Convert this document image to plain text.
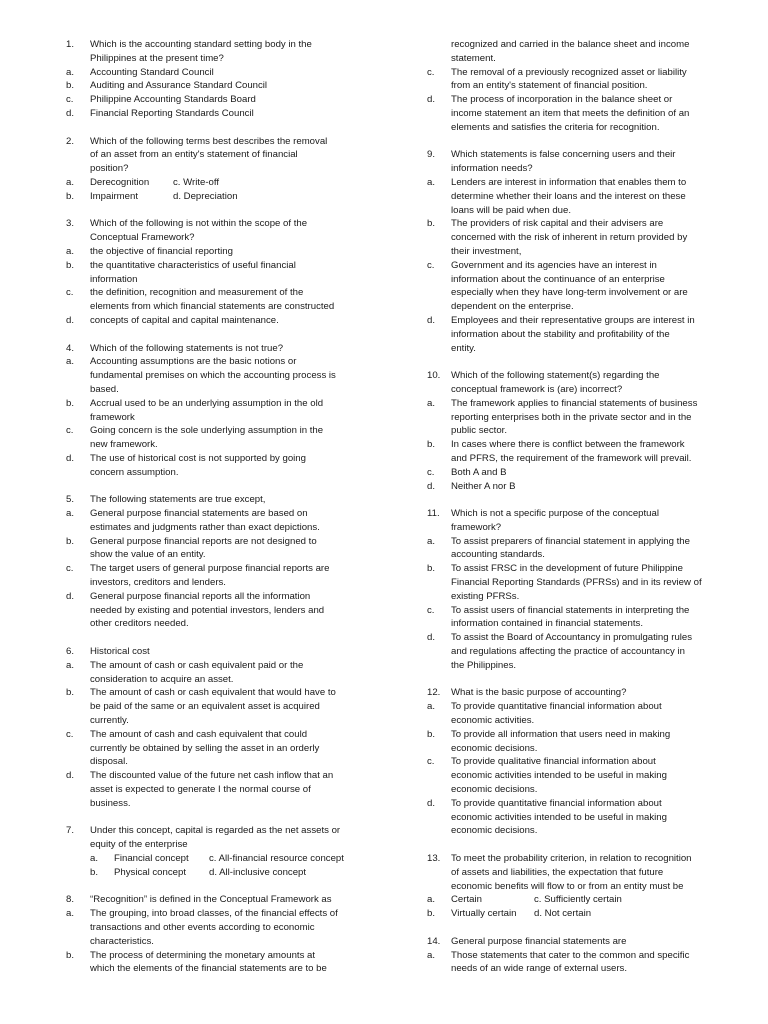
1.	Which is the accounting standard setting body in the
Philippines at the present time?
a.	Accounting Standard Council
b.	Auditing and Assurance Standard Council
c.	Philippine Accounting Standards Board
d.	Financial Reporting Standards Council
2.	Which of the following terms best describes the removal
of an asset from an entity's statement of financial
position?
a.	Derecognition	c. Write-off
b.	Impairment	d. Depreciation
3.	Which of the following is not within the scope of the
Conceptual Framework?
a.	the objective of financial reporting
b.	the quantitative characteristics of useful financial
information
c.	the definition, recognition and measurement of the
elements from which financial statements are constructed
d.	concepts of capital and capital maintenance.
4.	Which of the following statements is not true?
a.	Accounting assumptions are the basic notions or
fundamental premises on which the accounting process is
based.
b.	Accrual used to be an underlying assumption in the old
framework
c.	Going concern is the sole underlying assumption in the
new framework.
d.	The use of historical cost is not supported by going
concern assumption.
5.	The following statements are true except,
a.	General purpose financial statements are based on
estimates and judgments rather than exact depictions.
b.	General purpose financial reports are not designed to
show the value of an entity.
c.	The target users of general purpose financial reports are
investors, creditors and lenders.
d.	General purpose financial reports all the information
needed by existing and potential investors, lenders and
other creditors needed.
6.	Historical cost
a.	The amount of cash or cash equivalent paid or the
consideration to acquire an asset.
b.	The amount of cash or cash equivalent that would have to
be paid of the same or an equivalent asset is acquired
currently.
c.	The amount of cash and cash equivalent that could
currently be obtained by selling the asset in an orderly
disposal.
d.	The discounted value of the future net cash inflow that an
asset is expected to generate I the normal course of
business.
7.	Under this concept, capital is regarded as the net assets or
equity of the enterprise
a.	Financial concept	c. All-financial resource concept
b.	Physical concept	d. All-inclusive concept
8.	“Recognition” is defined in the Conceptual Framework as
a.	The grouping, into broad classes, of the financial effects of
transactions and other events according to economic
characteristics.
b.	The process of determining the monetary amounts at
which the elements of the financial statements are to be
recognized and carried in the balance sheet and income
statement.
c.	The removal of a previously recognized asset or liability
from an entity's statement of financial position.
d.	The process of incorporation in the balance sheet or
income statement an item that meets the definition of an
elements and satisfies the criteria for recognition.
9.	Which statements is false concerning users and their
information needs?
a.	Lenders are interest in information that enables them to
determine whether their loans and the interest on these
loans will be paid when due.
b.	The providers of risk capital and their advisers are
concerned with the risk of inherent in return provided by
their investment,
c.	Government and its agencies have an interest in
information about the continuance of an enterprise
especially when they have long-term involvement or are
dependent on the enterprise.
d.	Employees and their representative groups are interest in
information about the stability and profitability of the
entity.
10.	Which of the following statement(s) regarding the
conceptual framework is (are) incorrect?
a.	The framework applies to financial statements of business
reporting enterprises both in the private sector and in the
public sector.
b.	In cases where there is conflict between the framework
and PFRS, the requirement of the framework will prevail.
c.	Both A and B
d.	Neither A nor B
11.	Which is not a specific purpose of the conceptual
framework?
a.	To assist preparers of financial statement in applying the
accounting standards.
b.	To assist FRSC in the development of future Philippine
Financial Reporting Standards (PFRSs) and in its review of
existing PFRSs.
c.	To assist users of financial statements in interpreting the
information contained in financial statements.
d.	To assist the Board of Accountancy in promulgating rules
and regulations affecting the practice of accountancy in
the Philippines.
12.	What is the basic purpose of accounting?
a.	To provide quantitative financial information about
economic activities.
b.	To provide all information that users need in making
economic decisions.
c.	To provide qualitative financial information about
economic activities intended to be useful in making
economic decisions.
d.	To provide quantitative financial information about
economic activities intended to be useful in making
economic decisions.
13.	To meet the probability criterion, in relation to recognition
of assets and liabilities, the expectation that future
economic benefits will flow to or from an entity must be
a.	Certain	c. Sufficiently certain
b.	Virtually certain	d. Not certain
14.	General purpose financial statements are
a.	Those statements that cater to the common and specific
needs of an wide range of external users.
